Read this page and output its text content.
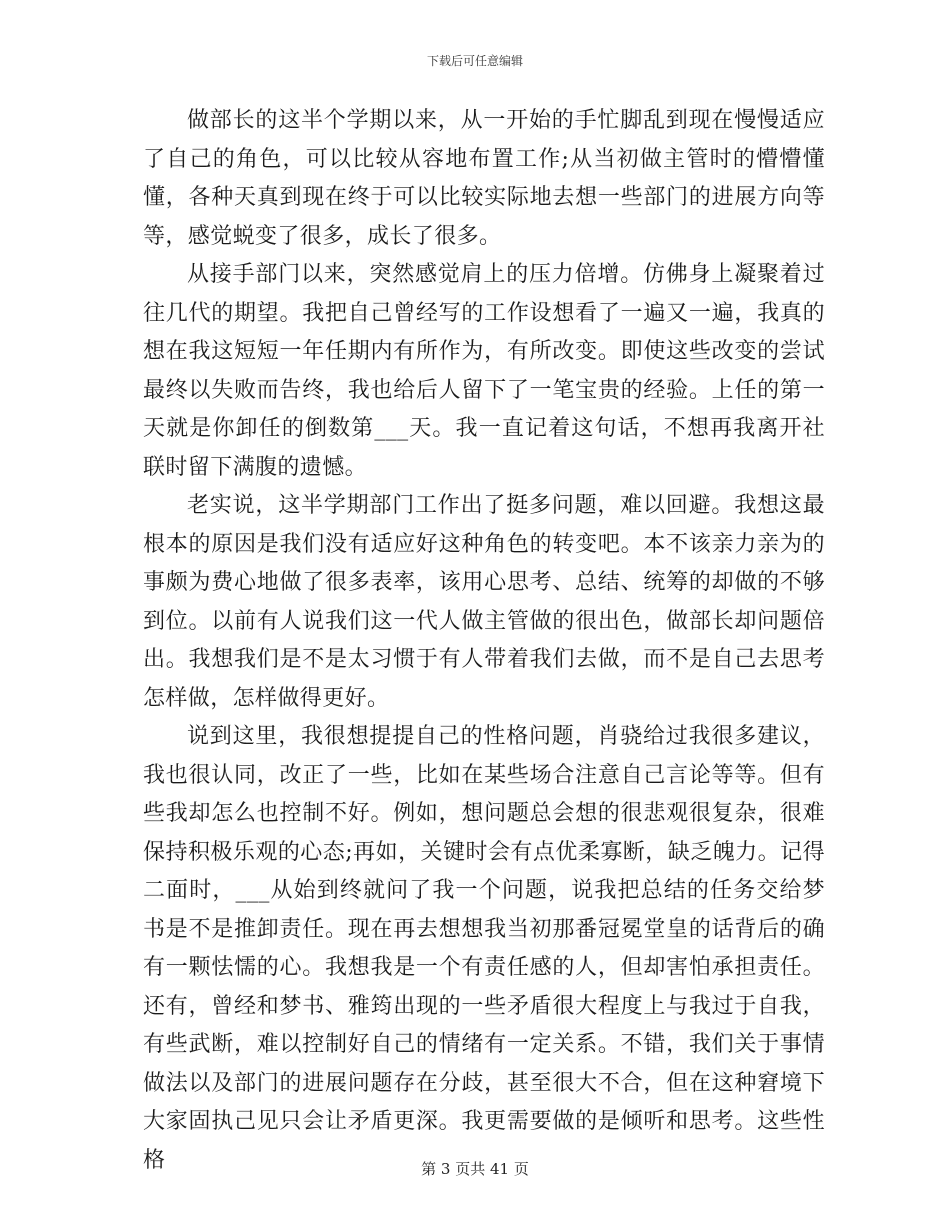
下载后可任意编辑

做部长的这半个学期以来，从一开始的手忙脚乱到现在慢慢适应了自己的角色，可以比较从容地布置工作;从当初做主管时的懵懵懂懂，各种天真到现在终于可以比较实际地去想一些部门的进展方向等等，感觉蜕变了很多，成长了很多。

从接手部门以来，突然感觉肩上的压力倍增。仿佛身上凝聚着过往几代的期望。我把自己曾经写的工作设想看了一遍又一遍，我真的想在我这短短一年任期内有所作为，有所改变。即使这些改变的尝试最终以失败而告终，我也给后人留下了一笔宝贵的经验。上任的第一天就是你卸任的倒数第___天。我一直记着这句话，不想再我离开社联时留下满腹的遗憾。

老实说，这半学期部门工作出了挺多问题，难以回避。我想这最根本的原因是我们没有适应好这种角色的转变吧。本不该亲力亲为的事颇为费心地做了很多表率，该用心思考、总结、统筹的却做的不够到位。以前有人说我们这一代人做主管做的很出色，做部长却问题倍出。我想我们是不是太习惯于有人带着我们去做，而不是自己去思考怎样做，怎样做得更好。

说到这里，我很想提提自己的性格问题，肖骁给过我很多建议，我也很认同，改正了一些，比如在某些场合注意自己言论等等。但有些我却怎么也控制不好。例如，想问题总会想的很悲观很复杂，很难保持积极乐观的心态;再如，关键时会有点优柔寡断，缺乏魄力。记得二面时，___从始到终就问了我一个问题，说我把总结的任务交给梦书是不是推卸责任。现在再去想想我当初那番冠冕堂皇的话背后的确有一颗怯懦的心。我想我是一个有责任感的人，但却害怕承担责任。还有，曾经和梦书、雅筠出现的一些矛盾很大程度上与我过于自我，有些武断，难以控制好自己的情绪有一定关系。不错，我们关于事情做法以及部门的进展问题存在分歧，甚至很大不合，但在这种窘境下大家固执己见只会让矛盾更深。我更需要做的是倾听和思考。这些性格	第 3 页共 41 页
